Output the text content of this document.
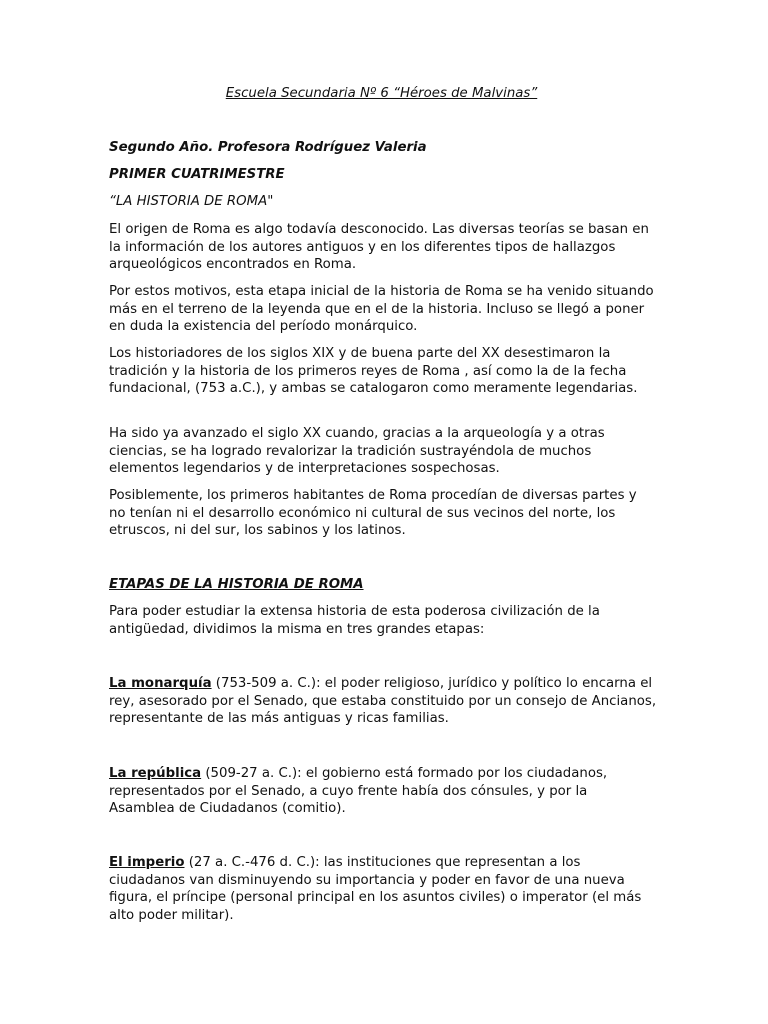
Escuela Secundaria Nº 6 “Héroes de Malvinas”
Segundo Año. Profesora Rodríguez Valeria
PRIMER CUATRIMESTRE
“LA HISTORIA DE ROMA"

El origen de Roma es algo todavía desconocido. Las diversas teorías se basan en la información de los autores antiguos y en los diferentes tipos de hallazgos arqueológicos encontrados en Roma.

Por estos motivos, esta etapa inicial de la historia de Roma se ha venido situando más en el terreno de la leyenda que en el de la historia. Incluso se llegó a poner en duda la existencia del período monárquico.

Los historiadores de los siglos XIX y de buena parte del XX desestimaron la tradición y la historia de los primeros reyes de Roma , así como la de la fecha fundacional, (753 a.C.), y ambas se catalogaron como meramente legendarias.

Ha sido ya avanzado el siglo XX cuando, gracias a la arqueología y a otras ciencias, se ha logrado revalorizar la tradición sustrayéndola de muchos elementos legendarios y de interpretaciones sospechosas.

Posiblemente, los primeros habitantes de Roma procedían de diversas partes y no tenían ni el desarrollo económico ni cultural de sus vecinos del norte, los etruscos, ni del sur, los sabinos y los latinos.

ETAPAS DE LA HISTORIA DE ROMA

Para poder estudiar la extensa historia de esta poderosa civilización de la antigüedad, dividimos la misma en tres grandes etapas:

La monarquía (753-509 a. C.): el poder religioso, jurídico y político lo encarna el rey, asesorado por el Senado, que estaba constituido por un consejo de Ancianos, representante de las más antiguas y ricas familias.

La república (509-27 a. C.): el gobierno está formado por los ciudadanos, representados por el Senado, a cuyo frente había dos cónsules, y por la Asamblea de Ciudadanos (comitio).

El imperio (27 a. C.-476 d. C.): las instituciones que representan a los ciudadanos van disminuyendo su importancia y poder en favor de una nueva figura, el príncipe (personal principal en los asuntos civiles) o imperator (el más alto poder militar).
